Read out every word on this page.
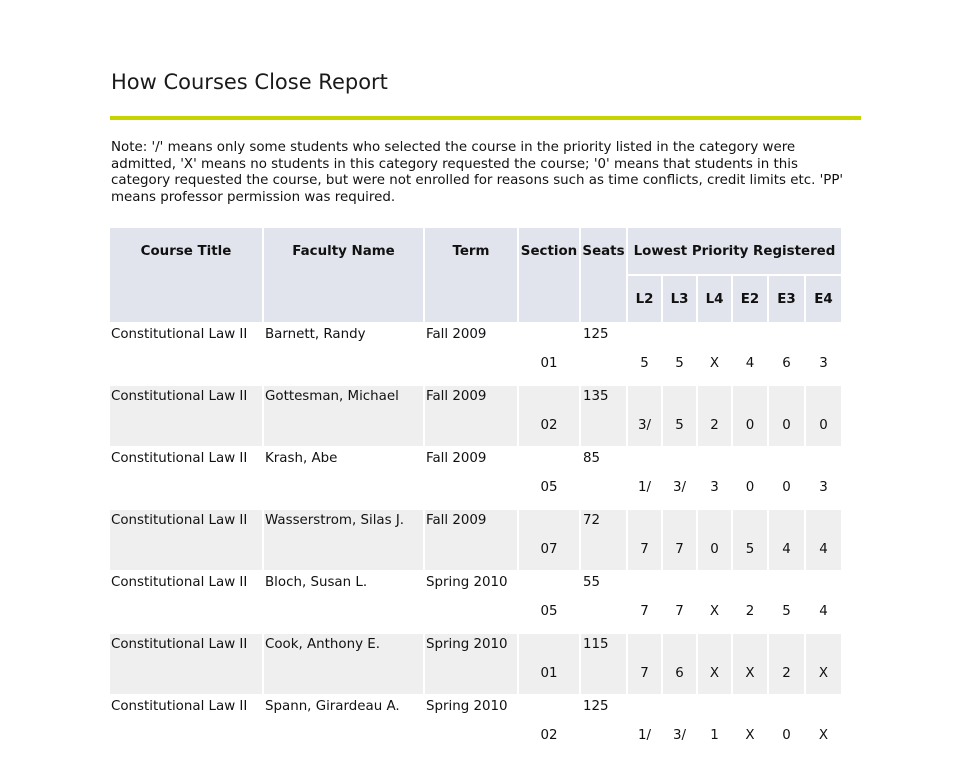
How Courses Close Report
Note: '/' means only some students who selected the course in the priority listed in the category were admitted, 'X' means no students in this category requested the course; '0' means that students in this category requested the course, but were not enrolled for reasons such as time conflicts, credit limits etc. 'PP' means professor permission was required.
Course Title	Faculty Name	Term	Section	Seats	Lowest Priority Registered					
					L2	L3	L4	E2	E3	E4
Constitutional Law II	Barnett, Randy	Fall 2009	01	125	5	5	X	4	6	3
Constitutional Law II	Gottesman, Michael	Fall 2009	02	135	3/	5	2	0	0	0
Constitutional Law II	Krash, Abe	Fall 2009	05	85	1/	3/	3	0	0	3
Constitutional Law II	Wasserstrom, Silas J.	Fall 2009	07	72	7	7	0	5	4	4
Constitutional Law II	Bloch, Susan L.	Spring 2010	05	55	7	7	X	2	5	4
Constitutional Law II	Cook, Anthony E.	Spring 2010	01	115	7	6	X	X	2	X
Constitutional Law II	Spann, Girardeau A.	Spring 2010	02	125	1/	3/	1	X	0	X
